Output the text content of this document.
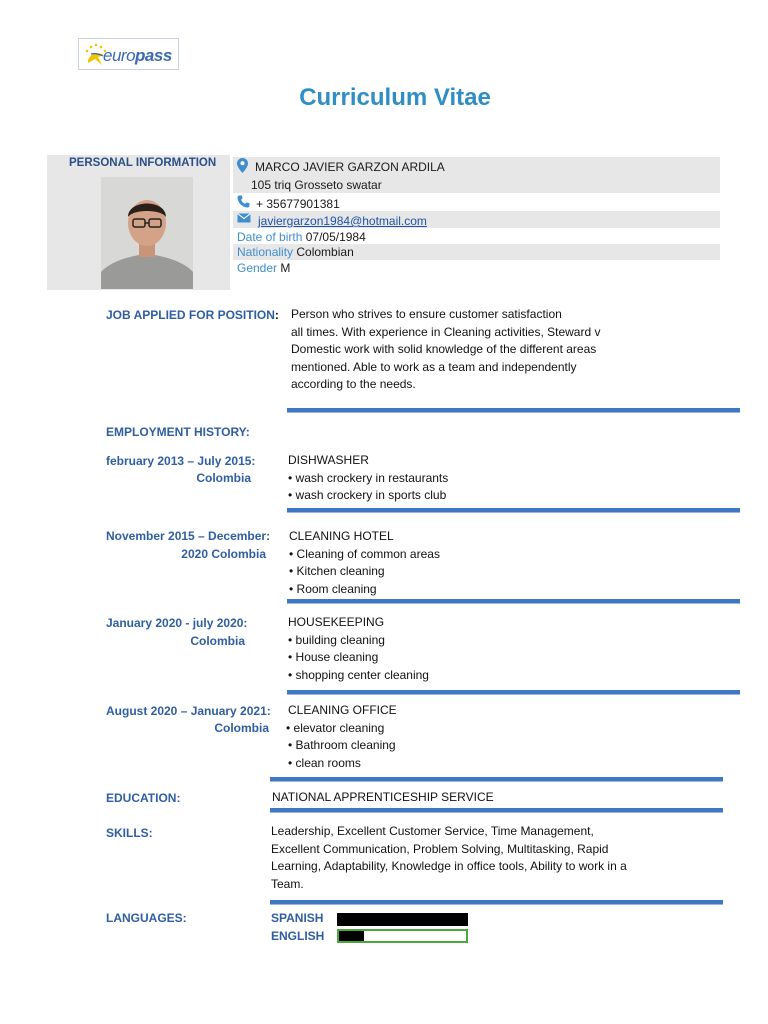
europass
Curriculum Vitae
PERSONAL INFORMATION	MARCO JAVIER GARZON ARDILA
105 triq Grosseto swatar
+ 35677901381
javiergarzon1984@hotmail.com
Date of birth 07/05/1984
Nationality Colombian
Gender M
JOB APPLIED FOR POSITION: Person who strives to ensure customer satisfaction
all times. With experience in Cleaning activities, Steward v
Domestic work with solid knowledge of the different areas
mentioned. Able to work as a team and independently
according to the needs.
EMPLOYMENT HISTORY:
february 2013 – July 2015:
Colombia
DISHWASHER
• wash crockery in restaurants
• wash crockery in sports club
November 2015 – December:
2020 Colombia
CLEANING HOTEL
• Cleaning of common areas
• Kitchen cleaning
• Room cleaning
January 2020 - july 2020:
Colombia
HOUSEKEEPING
• building cleaning
• House cleaning
• shopping center cleaning
August 2020 – January 2021:
Colombia
CLEANING OFFICE
• elevator cleaning
• Bathroom cleaning
• clean rooms
EDUCATION:	NATIONAL APPRENTICESHIP SERVICE
SKILLS:	Leadership, Excellent Customer Service, Time Management,
Excellent Communication, Problem Solving, Multitasking, Rapid
Learning, Adaptability, Knowledge in office tools, Ability to work in a
Team.
LANGUAGES:	SPANISH
ENGLISH
